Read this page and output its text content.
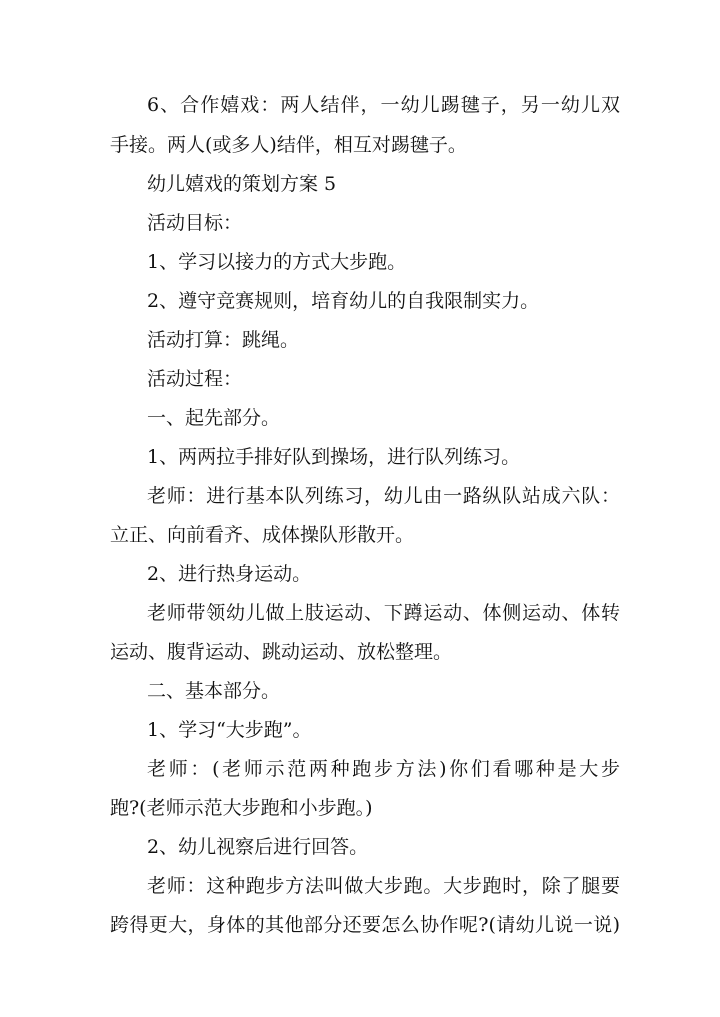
6、合作嬉戏：两人结伴，一幼儿踢毽子，另一幼儿双
手接。两人(或多人)结伴，相互对踢毽子。
幼儿嬉戏的策划方案 5
活动目标：
1、学习以接力的方式大步跑。
2、遵守竞赛规则，培育幼儿的自我限制实力。
活动打算：跳绳。
活动过程：
一、起先部分。
1、两两拉手排好队到操场，进行队列练习。
老师：进行基本队列练习，幼儿由一路纵队站成六队：
立正、向前看齐、成体操队形散开。
2、进行热身运动。
老师带领幼儿做上肢运动、下蹲运动、体侧运动、体转
运动、腹背运动、跳动运动、放松整理。
二、基本部分。
1、学习“大步跑”。
老师：(老师示范两种跑步方法)你们看哪种是大步
跑?(老师示范大步跑和小步跑。)
2、幼儿视察后进行回答。
老师：这种跑步方法叫做大步跑。大步跑时，除了腿要
跨得更大，身体的其他部分还要怎么协作呢?(请幼儿说一说)
